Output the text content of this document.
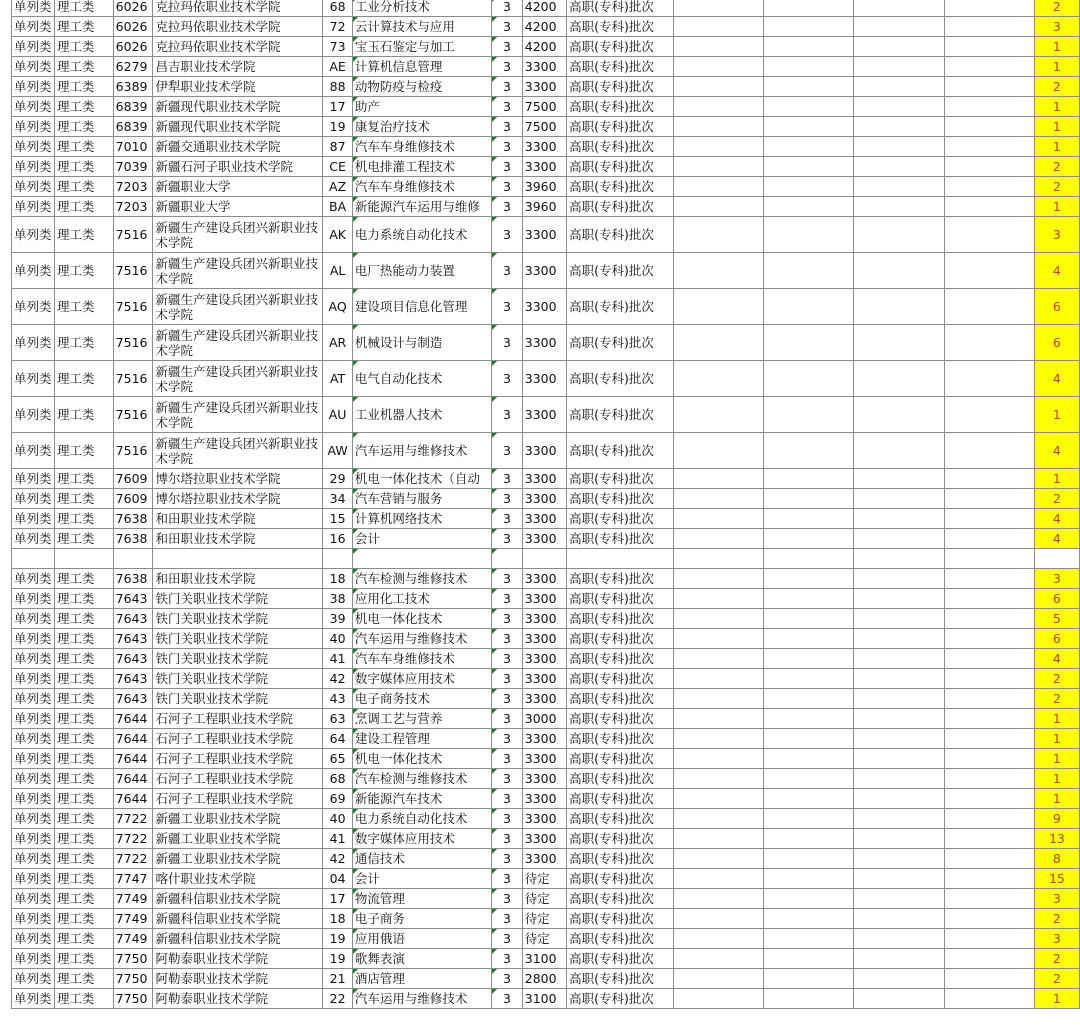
单列类	理工类	6026	克拉玛依职业技术学院	68	工业分析技术	3	4200	高职(专科)批次					2
单列类	理工类	6026	克拉玛依职业技术学院	72	云计算技术与应用	3	4200	高职(专科)批次					3
单列类	理工类	6026	克拉玛依职业技术学院	73	宝玉石鉴定与加工	3	4200	高职(专科)批次					1
单列类	理工类	6279	昌吉职业技术学院	AE	计算机信息管理	3	3300	高职(专科)批次					1
单列类	理工类	6389	伊犁职业技术学院	88	动物防疫与检疫	3	3300	高职(专科)批次					2
单列类	理工类	6839	新疆现代职业技术学院	17	助产	3	7500	高职(专科)批次					1
单列类	理工类	6839	新疆现代职业技术学院	19	康复治疗技术	3	7500	高职(专科)批次					1
单列类	理工类	7010	新疆交通职业技术学院	87	汽车车身维修技术	3	3300	高职(专科)批次					1
单列类	理工类	7039	新疆石河子职业技术学院	CE	机电排灌工程技术	3	3300	高职(专科)批次					2
单列类	理工类	7203	新疆职业大学	AZ	汽车车身维修技术	3	3960	高职(专科)批次					2
单列类	理工类	7203	新疆职业大学	BA	新能源汽车运用与维修	3	3960	高职(专科)批次					1
单列类	理工类	7516	新疆生产建设兵团兴新职业技术学院	AK	电力系统自动化技术	3	3300	高职(专科)批次					3
单列类	理工类	7516	新疆生产建设兵团兴新职业技术学院	AL	电厂热能动力装置	3	3300	高职(专科)批次					4
单列类	理工类	7516	新疆生产建设兵团兴新职业技术学院	AQ	建设项目信息化管理	3	3300	高职(专科)批次					6
单列类	理工类	7516	新疆生产建设兵团兴新职业技术学院	AR	机械设计与制造	3	3300	高职(专科)批次					6
单列类	理工类	7516	新疆生产建设兵团兴新职业技术学院	AT	电气自动化技术	3	3300	高职(专科)批次					4
单列类	理工类	7516	新疆生产建设兵团兴新职业技术学院	AU	工业机器人技术	3	3300	高职(专科)批次					1
单列类	理工类	7516	新疆生产建设兵团兴新职业技术学院	AW	汽车运用与维修技术	3	3300	高职(专科)批次					4
单列类	理工类	7609	博尔塔拉职业技术学院	29	机电一体化技术（自动	3	3300	高职(专科)批次					1
单列类	理工类	7609	博尔塔拉职业技术学院	34	汽车营销与服务	3	3300	高职(专科)批次					2
单列类	理工类	7638	和田职业技术学院	15	计算机网络技术	3	3300	高职(专科)批次					4
单列类	理工类	7638	和田职业技术学院	16	会计	3	3300	高职(专科)批次					4

单列类	理工类	7638	和田职业技术学院	18	汽车检测与维修技术	3	3300	高职(专科)批次					3
单列类	理工类	7643	铁门关职业技术学院	38	应用化工技术	3	3300	高职(专科)批次					6
单列类	理工类	7643	铁门关职业技术学院	39	机电一体化技术	3	3300	高职(专科)批次					5
单列类	理工类	7643	铁门关职业技术学院	40	汽车运用与维修技术	3	3300	高职(专科)批次					6
单列类	理工类	7643	铁门关职业技术学院	41	汽车车身维修技术	3	3300	高职(专科)批次					4
单列类	理工类	7643	铁门关职业技术学院	42	数字媒体应用技术	3	3300	高职(专科)批次					2
单列类	理工类	7643	铁门关职业技术学院	43	电子商务技术	3	3300	高职(专科)批次					2
单列类	理工类	7644	石河子工程职业技术学院	63	烹调工艺与营养	3	3000	高职(专科)批次					1
单列类	理工类	7644	石河子工程职业技术学院	64	建设工程管理	3	3300	高职(专科)批次					1
单列类	理工类	7644	石河子工程职业技术学院	65	机电一体化技术	3	3300	高职(专科)批次					1
单列类	理工类	7644	石河子工程职业技术学院	68	汽车检测与维修技术	3	3300	高职(专科)批次					1
单列类	理工类	7644	石河子工程职业技术学院	69	新能源汽车技术	3	3300	高职(专科)批次					1
单列类	理工类	7722	新疆工业职业技术学院	40	电力系统自动化技术	3	3300	高职(专科)批次					9
单列类	理工类	7722	新疆工业职业技术学院	41	数字媒体应用技术	3	3300	高职(专科)批次					13
单列类	理工类	7722	新疆工业职业技术学院	42	通信技术	3	3300	高职(专科)批次					8
单列类	理工类	7747	喀什职业技术学院	04	会计	3	待定	高职(专科)批次					15
单列类	理工类	7749	新疆科信职业技术学院	17	物流管理	3	待定	高职(专科)批次					3
单列类	理工类	7749	新疆科信职业技术学院	18	电子商务	3	待定	高职(专科)批次					2
单列类	理工类	7749	新疆科信职业技术学院	19	应用俄语	3	待定	高职(专科)批次					3
单列类	理工类	7750	阿勒泰职业技术学院	19	歌舞表演	3	3100	高职(专科)批次					2
单列类	理工类	7750	阿勒泰职业技术学院	21	酒店管理	3	2800	高职(专科)批次					2
单列类	理工类	7750	阿勒泰职业技术学院	22	汽车运用与维修技术	3	3100	高职(专科)批次					1
